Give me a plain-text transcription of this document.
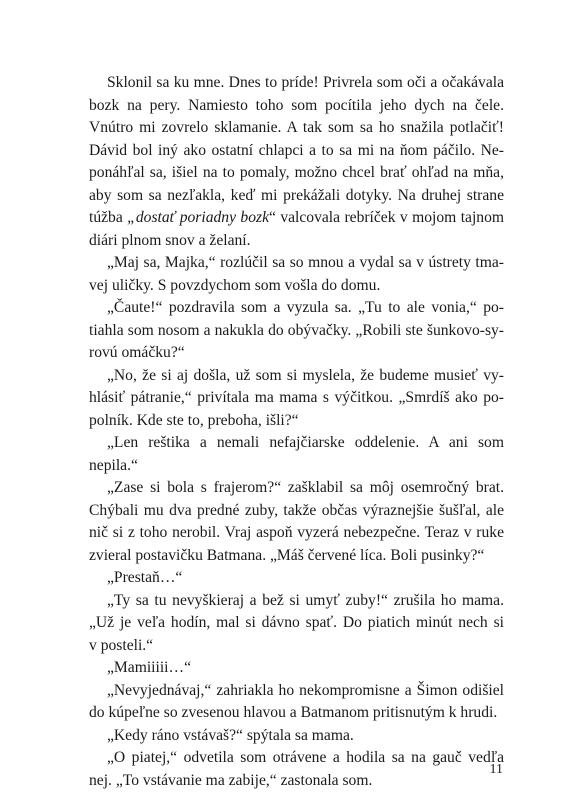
Sklonil sa ku mne. Dnes to príde! Privrela som oči a očakávala
bozk na pery. Namiesto toho som pocítila jeho dych na čele.
Vnútro mi zovrelo sklamanie. A tak som sa ho snažila potlačiť!
Dávid bol iný ako ostatní chlapci a to sa mi na ňom páčilo. Ne-
ponáhľal sa, išiel na to pomaly, možno chcel brať ohľad na mňa,
aby som sa nezľakla, keď mi prekážali dotyky. Na druhej strane
túžba „dostať poriadny bozk“ valcovala rebríček v mojom tajnom
diári plnom snov a želaní.

„Maj sa, Majka,“ rozlúčil sa so mnou a vydal sa v ústrety tma-
vej uličky. S povzdychom som vošla do domu.

„Čaute!“ pozdravila som a vyzula sa. „Tu to ale vonia,“ po-
tiahla som nosom a nakukla do obývačky. „Robili ste šunkovo-sy-
rovú omáčku?“

„No, že si aj došla, už som si myslela, že budeme musieť vy-
hlásiť pátranie,“ privítala ma mama s výčitkou. „Smrdíš ako po-
polník. Kde ste to, preboha, išli?“

„Len reštika a nemali nefajčiarske oddelenie. A ani som nepila.“

„Zase si bola s frajerom?“ zašklabil sa môj osemročný brat.
Chýbali mu dva predné zuby, takže občas výraznejšie šušľal, ale
nič si z toho nerobil. Vraj aspoň vyzerá nebezpečne. Teraz v ruke
zvieral postavičku Batmana. „Máš červené líca. Boli pusinky?“

„Prestaň…“

„Ty sa tu nevyškieraj a bež si umyť zuby!“ zrušila ho mama.
„Už je veľa hodín, mal si dávno spať. Do piatich minút nech si
v posteli.“

„Mamiiiii…“

„Nevyjednávaj,“ zahriakla ho nekompromisne a Šimon odišiel
do kúpeľne so zvesenou hlavou a Batmanom pritisnutým k hrudi.

„Kedy ráno vstávaš?“ spýtala sa mama.

„O piatej,“ odvetila som otrávene a hodila sa na gauč vedľa
nej. „To vstávanie ma zabije,“ zastonala som.

11
